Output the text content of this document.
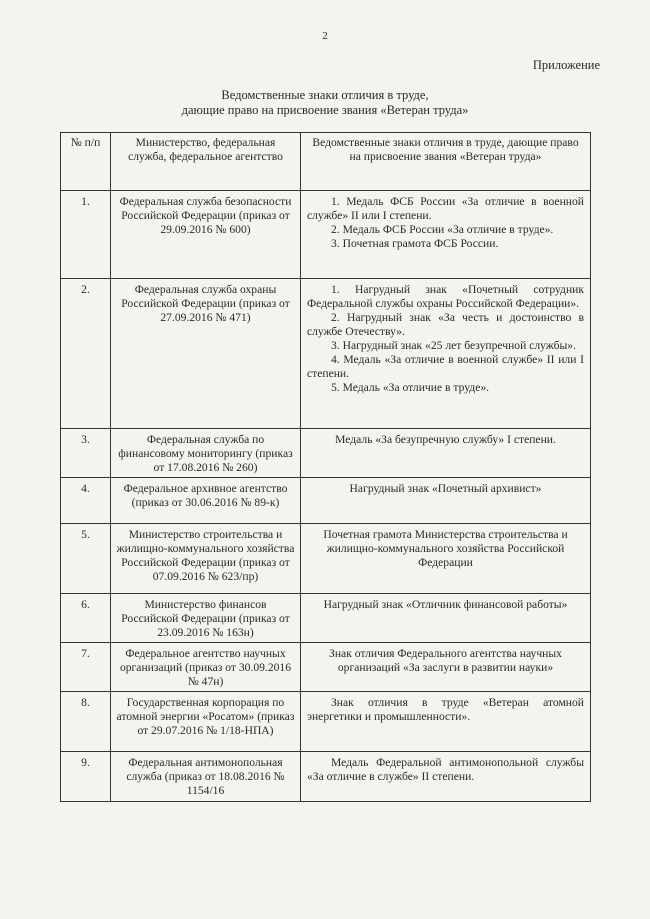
2
Приложение
Ведомственные знаки отличия в труде,
дающие право на присвоение звания «Ветеран труда»
№ п/п	Министерство, федеральная служба, федеральное агентство	Ведомственные знаки отличия в труде, дающие право на присвоение звания «Ветеран труда»
1.	Федеральная служба безопасности Российской Федерации (приказ от 29.09.2016 № 600)	1. Медаль ФСБ России «За отличие в военной службе» II или I степени.
2. Медаль ФСБ России «За отличие в труде».
3. Почетная грамота ФСБ России.

2.	Федеральная служба охраны Российской Федерации (приказ от 27.09.2016 № 471)	1. Нагрудный знак «Почетный сотрудник Федеральной службы охраны Российской Федерации».
2. Нагрудный знак «За честь и достоинство в службе Отечеству».
3. Нагрудный знак «25 лет безупречной службы».
4. Медаль «За отличие в военной службе» II или I степени.
5. Медаль «За отличие в труде».

3.	Федеральная служба по финансовому мониторингу (приказ от 17.08.2016 № 260)	Медаль «За безупречную службу» I степени.

4.	Федеральное архивное агентство (приказ от 30.06.2016 № 89-к)	Нагрудный знак «Почетный архивист»

5.	Министерство строительства и жилищно-коммунального хозяйства Российской Федерации (приказ от 07.09.2016 № 623/пр)	Почетная грамота Министерства строительства и жилищно-коммунального хозяйства Российской Федерации

6.	Министерство финансов Российской Федерации (приказ от 23.09.2016 № 163н)	Нагрудный знак «Отличник финансовой работы»

7.	Федеральное агентство научных организаций (приказ от 30.09.2016 № 47н)	Знак отличия Федерального агентства научных организаций «За заслуги в развитии науки»

8.	Государственная корпорация по атомной энергии «Росатом» (приказ от 29.07.2016 № 1/18-НПА)	Знак отличия в труде «Ветеран атомной энергетики и промышленности».

9.	Федеральная антимонопольная служба (приказ от 18.08.2016 № 1154/16	Медаль Федеральной антимонопольной службы «За отличие в службе» II степени.
